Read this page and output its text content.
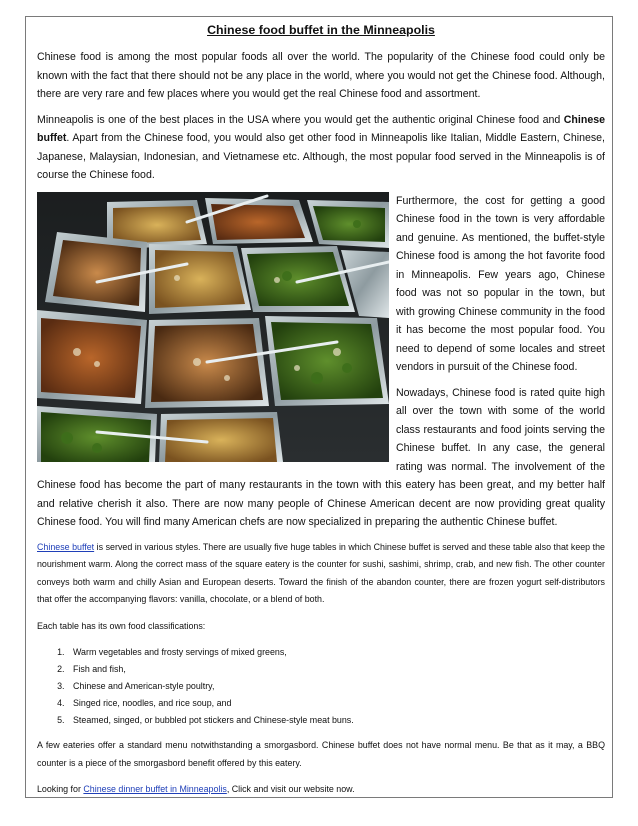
Chinese food buffet in the Minneapolis

Chinese food is among the most popular foods all over the world. The popularity of the Chinese food could only be known with the fact that there should not be any place in the world, where you would not get the Chinese food. Although, there are very rare and few places where you would get the real Chinese food and assortment.

Minneapolis is one of the best places in the USA where you would get the authentic original Chinese food and Chinese buffet. Apart from the Chinese food, you would also get other food in Minneapolis like Italian, Middle Eastern, Chinese, Japanese, Malaysian, Indonesian, and Vietnamese etc. Although, the most popular food served in the Minneapolis is of course the Chinese food.

Furthermore, the cost for getting a good Chinese food in the town is very affordable and genuine. As mentioned, the buffet-style Chinese food is among the hot favorite food in Minneapolis. Few years ago, Chinese food was not so popular in the town, but with growing Chinese community in the food it has become the most popular food. You need to depend of some locales and street vendors in pursuit of the Chinese food.

Nowadays, Chinese food is rated quite high all over the town with some of the world class restaurants and food joints serving the Chinese buffet. In any case, the general rating was normal. The involvement of the Chinese food has become the part of many restaurants in the town with this eatery has been great, and my better half and relative cherish it also. There are now many people of Chinese American decent are now providing great quality Chinese food. You will find many American chefs are now specialized in preparing the authentic Chinese buffet.

Chinese buffet is served in various styles. There are usually five huge tables in which Chinese buffet is served and these table also that keep the nourishment warm. Along the correct mass of the square eatery is the counter for sushi, sashimi, shrimp, crab, and new fish. The other counter conveys both warm and chilly Asian and European deserts. Toward the finish of the abandon counter, there are frozen yogurt self-distributors that offer the accompanying flavors: vanilla, chocolate, or a blend of both.

Each table has its own food classifications:

1. Warm vegetables and frosty servings of mixed greens,
2. Fish and fish,
3. Chinese and American-style poultry,
4. Singed rice, noodles, and rice soup, and
5. Steamed, singed, or bubbled pot stickers and Chinese-style meat buns.

A few eateries offer a standard menu notwithstanding a smorgasbord. Chinese buffet does not have normal menu. Be that as it may, a BBQ counter is a piece of the smorgasbord benefit offered by this eatery.

Looking for Chinese dinner buffet in Minneapolis, Click and visit our website now.
